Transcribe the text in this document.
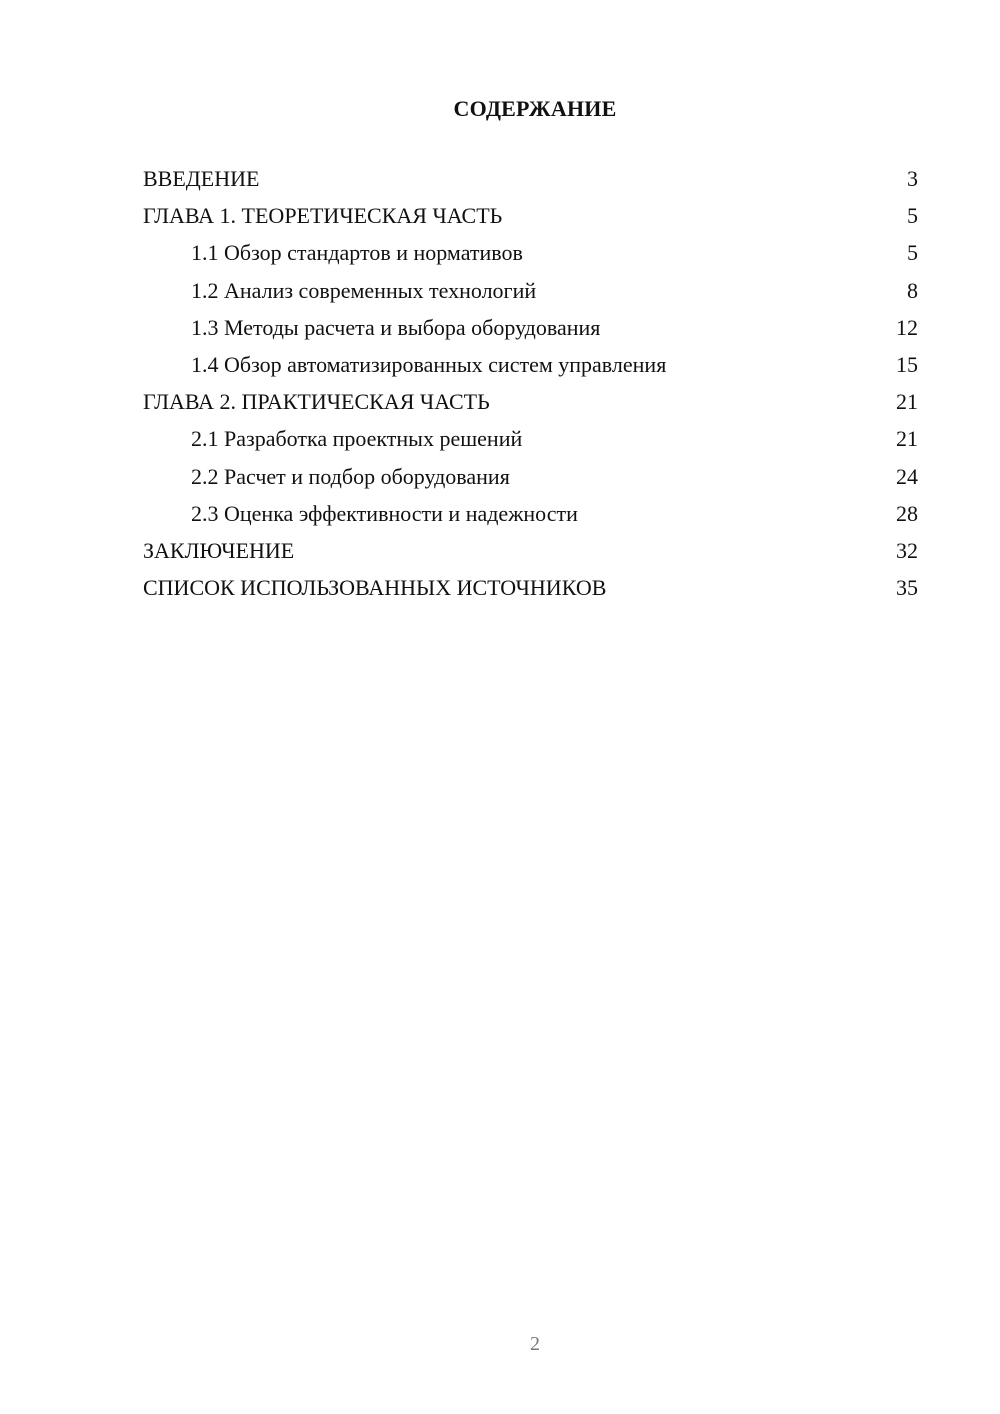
СОДЕРЖАНИЕ
ВВЕДЕНИЕ	3
ГЛАВА 1. ТЕОРЕТИЧЕСКАЯ ЧАСТЬ	5
1.1 Обзор стандартов и нормативов	5
1.2 Анализ современных технологий	8
1.3 Методы расчета и выбора оборудования	12
1.4 Обзор автоматизированных систем управления	15
ГЛАВА 2. ПРАКТИЧЕСКАЯ ЧАСТЬ	21
2.1 Разработка проектных решений	21
2.2 Расчет и подбор оборудования	24
2.3 Оценка эффективности и надежности	28
ЗАКЛЮЧЕНИЕ	32
СПИСОК ИСПОЛЬЗОВАННЫХ ИСТОЧНИКОВ	35
2
